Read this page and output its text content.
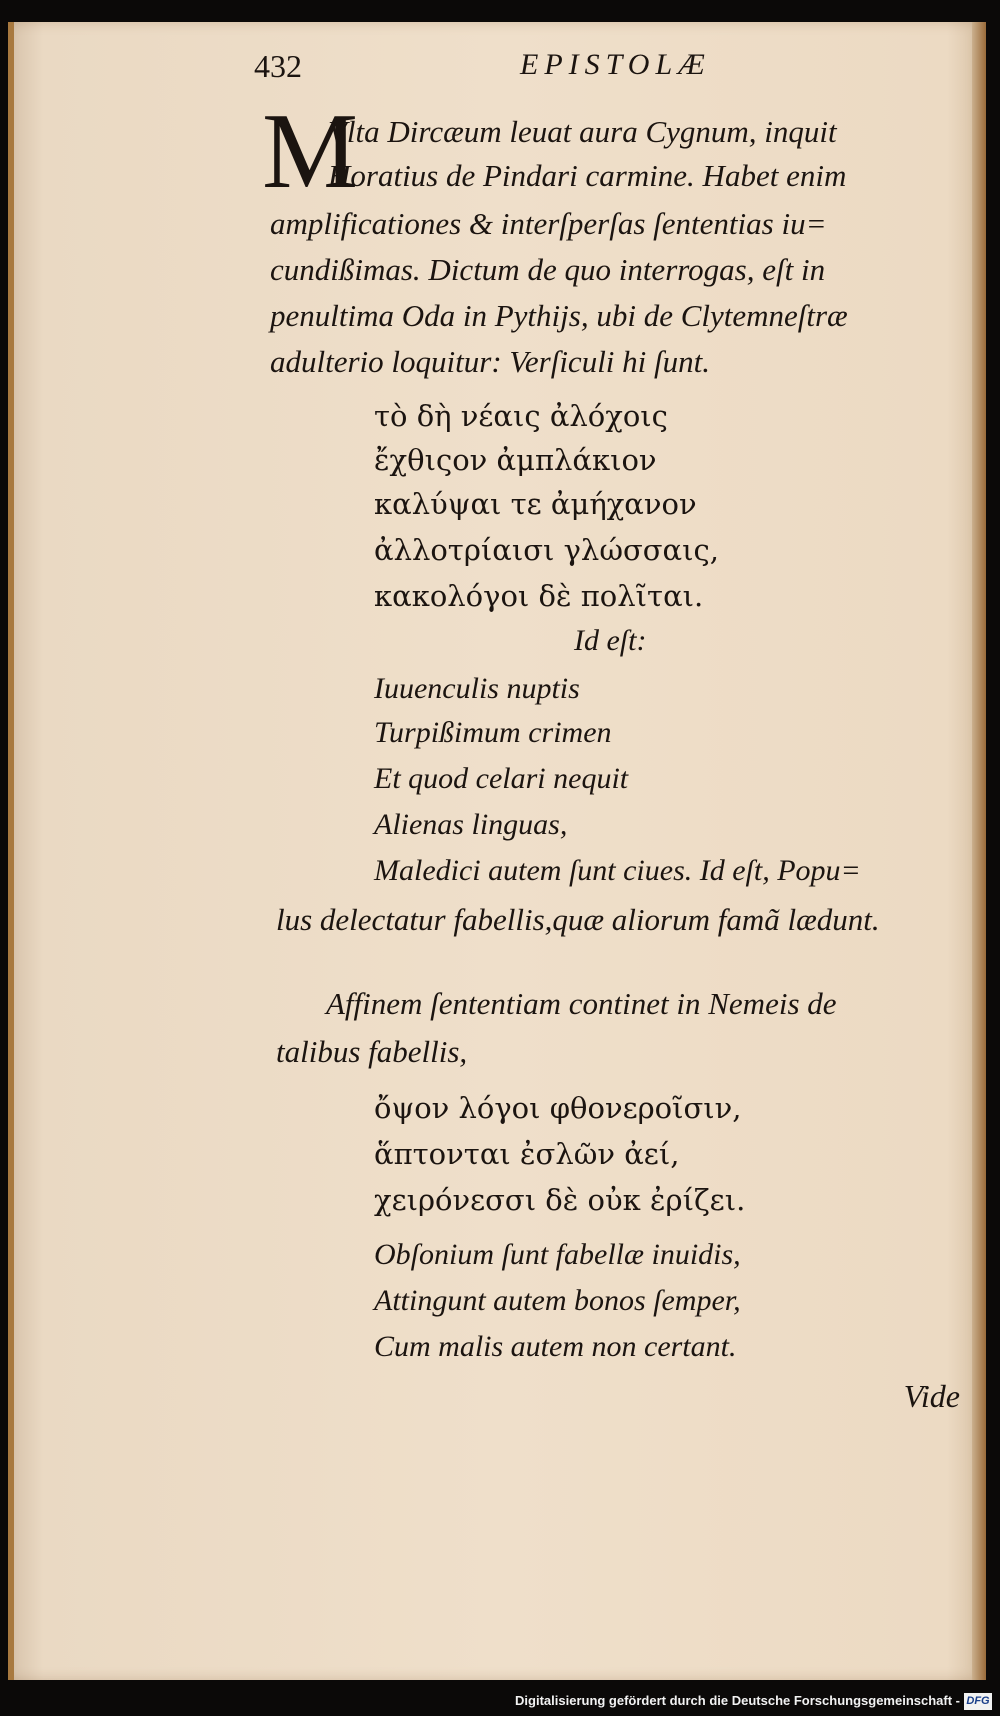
432	EPISTOLÆ
M
Vlta Dircæum leuat aura Cygnum, inquit
Horatius de Pindari carmine. Habet enim
amplificationes & interſperſas ſententias iu=
cundißimas. Dictum de quo interrogas, eſt in
penultima Oda in Pythijs, ubi de Clytemneſtræ
adulterio loquitur: Verſiculi hi ſunt.
τὸ δὴ νέαις ἀλόχοις
ἔχθιςον ἀμπλάκιον
καλύψαι τε ἀμήχανον
ἀλλοτρίαισι γλώσσαις,
κακολόγοι δὲ πολῖται.
Id eſt:
Iuuenculis nuptis
Turpißimum crimen
Et quod celari nequit
Alienas linguas,
Maledici autem ſunt ciues. Id eſt, Popu=
lus delectatur fabellis,quæ aliorum famã lædunt.
Affinem ſententiam continet in Nemeis de
talibus fabellis,
ὄψον λόγοι φθονεροῖσιν,
ἅπτονται ἐσλῶν ἀεί,
χειρόνεσσι δὲ οὐκ ἐρίζει.
Obſonium ſunt fabellæ inuidis,
Attingunt autem bonos ſemper,
Cum malis autem non certant.
Vide
Digitalisierung gefördert durch die Deutsche Forschungsgemeinschaft - DFG
